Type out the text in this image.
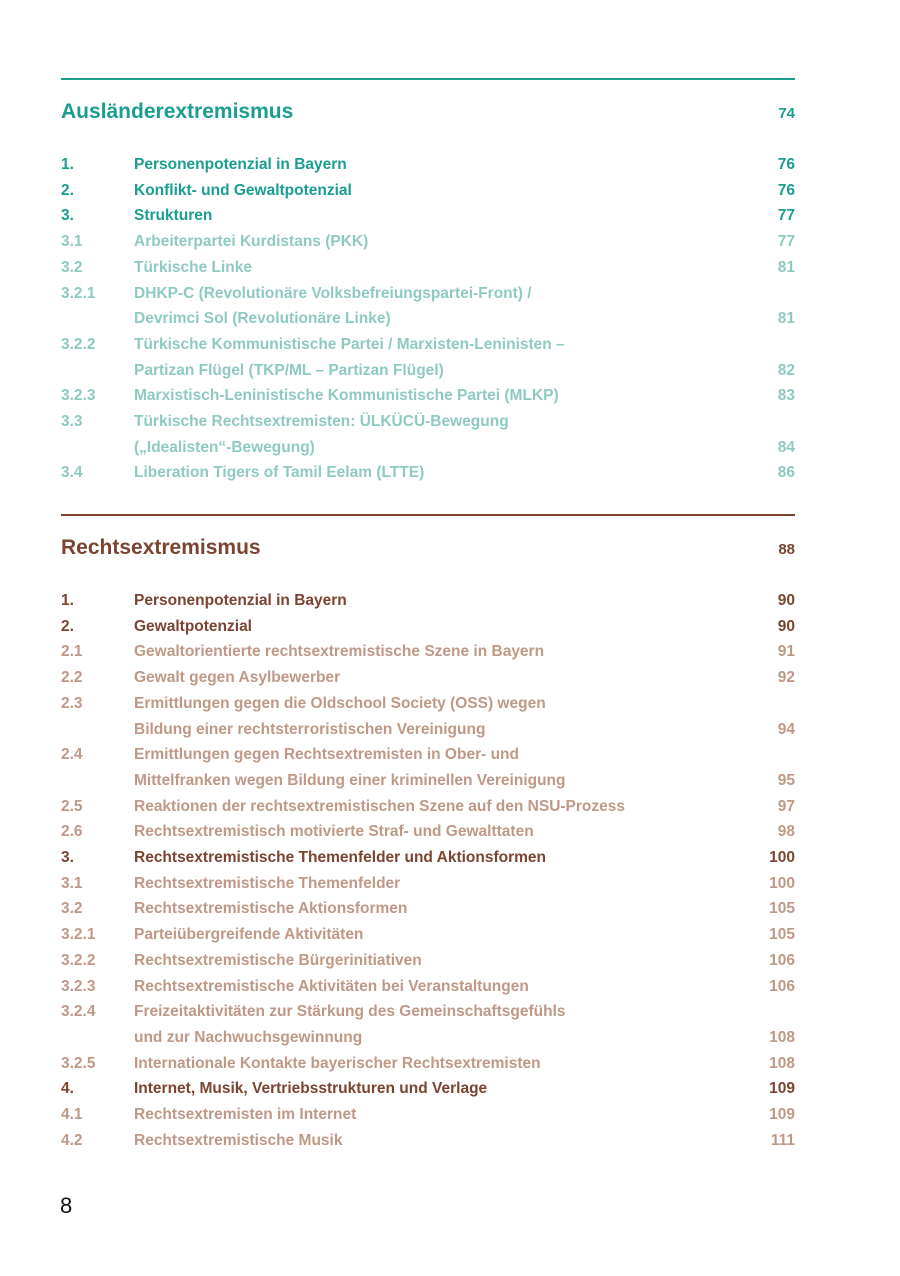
Ausländerextremismus	74
1.	Personenpotenzial in Bayern	76
2.	Konflikt- und Gewaltpotenzial	76
3.	Strukturen	77
3.1	Arbeiterpartei Kurdistans (PKK)	77
3.2	Türkische Linke	81
3.2.1	DHKP-C (Revolutionäre Volksbefreiungspartei-Front) /
Devrimci Sol (Revolutionäre Linke)	81
3.2.2	Türkische Kommunistische Partei / Marxisten-Leninisten –
Partizan Flügel (TKP/ML – Partizan Flügel)	82
3.2.3	Marxistisch-Leninistische Kommunistische Partei (MLKP)	83
3.3	Türkische Rechtsextremisten: ÜLKÜCÜ-Bewegung
(„Idealisten“-Bewegung)	84
3.4	Liberation Tigers of Tamil Eelam (LTTE)	86
Rechtsextremismus	88
1.	Personenpotenzial in Bayern	90
2.	Gewaltpotenzial	90
2.1	Gewaltorientierte rechtsextremistische Szene in Bayern	91
2.2	Gewalt gegen Asylbewerber	92
2.3	Ermittlungen gegen die Oldschool Society (OSS) wegen
Bildung einer rechtsterroristischen Vereinigung	94
2.4	Ermittlungen gegen Rechtsextremisten in Ober- und
Mittelfranken wegen Bildung einer kriminellen Vereinigung	95
2.5	Reaktionen der rechtsextremistischen Szene auf den NSU-Prozess	97
2.6	Rechtsextremistisch motivierte Straf- und Gewalttaten	98
3.	Rechtsextremistische Themenfelder und Aktionsformen	100
3.1	Rechtsextremistische Themenfelder	100
3.2	Rechtsextremistische Aktionsformen	105
3.2.1	Parteiübergreifende Aktivitäten	105
3.2.2	Rechtsextremistische Bürgerinitiativen	106
3.2.3	Rechtsextremistische Aktivitäten bei Veranstaltungen	106
3.2.4	Freizeitaktivitäten zur Stärkung des Gemeinschaftsgefühls
und zur Nachwuchsgewinnung	108
3.2.5	Internationale Kontakte bayerischer Rechtsextremisten	108
4.	Internet, Musik, Vertriebsstrukturen und Verlage	109
4.1	Rechtsextremisten im Internet	109
4.2	Rechtsextremistische Musik	111
8
